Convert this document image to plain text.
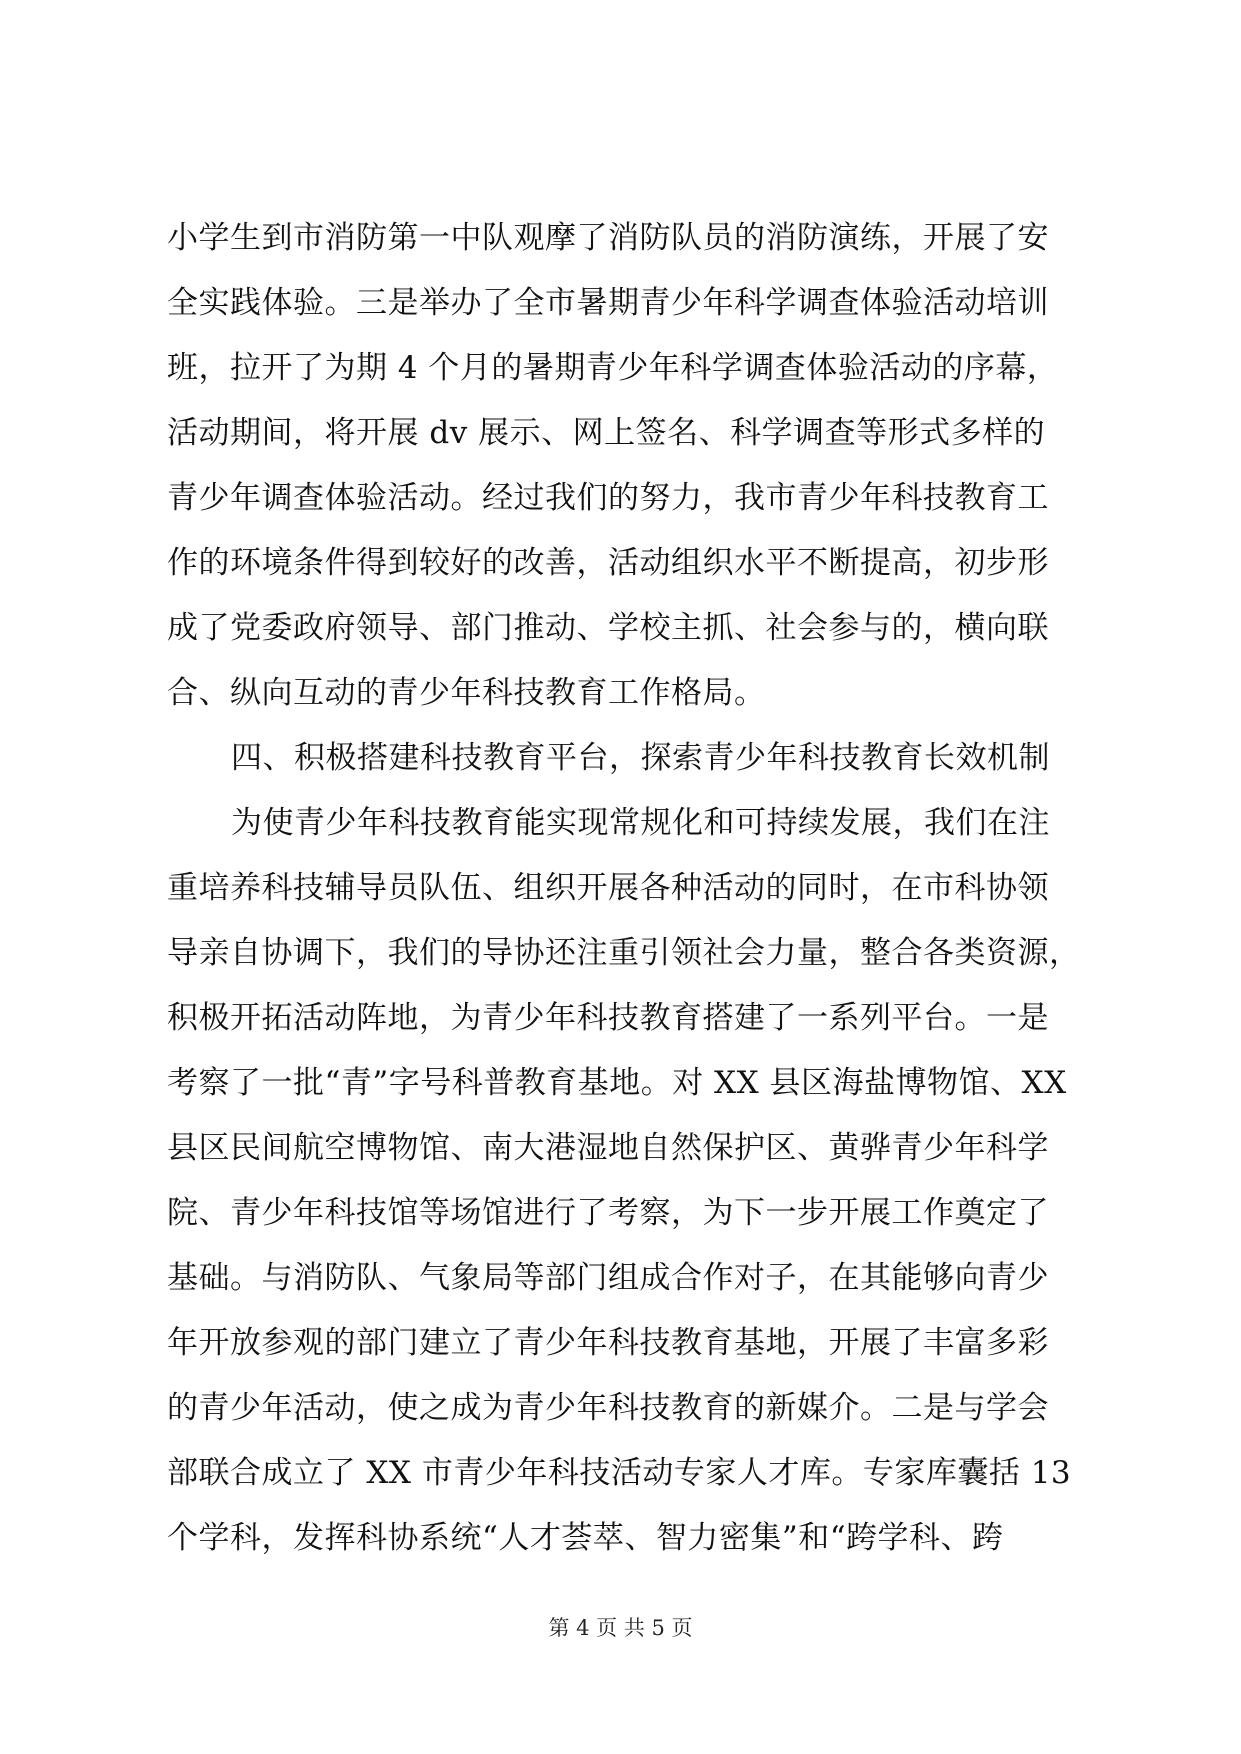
小学生到市消防第一中队观摩了消防队员的消防演练，开展了安
全实践体验。三是举办了全市暑期青少年科学调查体验活动培训
班，拉开了为期 4 个月的暑期青少年科学调查体验活动的序幕，
活动期间，将开展 dv 展示、网上签名、科学调查等形式多样的
青少年调查体验活动。经过我们的努力，我市青少年科技教育工
作的环境条件得到较好的改善，活动组织水平不断提高，初步形
成了党委政府领导、部门推动、学校主抓、社会参与的，横向联
合、纵向互动的青少年科技教育工作格局。
四、积极搭建科技教育平台，探索青少年科技教育长效机制
为使青少年科技教育能实现常规化和可持续发展，我们在注
重培养科技辅导员队伍、组织开展各种活动的同时，在市科协领
导亲自协调下，我们的导协还注重引领社会力量，整合各类资源，
积极开拓活动阵地，为青少年科技教育搭建了一系列平台。一是
考察了一批“青”字号科普教育基地。对 XX 县区海盐博物馆、XX
县区民间航空博物馆、南大港湿地自然保护区、黄骅青少年科学
院、青少年科技馆等场馆进行了考察，为下一步开展工作奠定了
基础。与消防队、气象局等部门组成合作对子，在其能够向青少
年开放参观的部门建立了青少年科技教育基地，开展了丰富多彩
的青少年活动，使之成为青少年科技教育的新媒介。二是与学会
部联合成立了 XX 市青少年科技活动专家人才库。专家库囊括 13
个学科，发挥科协系统“人才荟萃、智力密集”和“跨学科、跨
第 4 页 共 5 页
